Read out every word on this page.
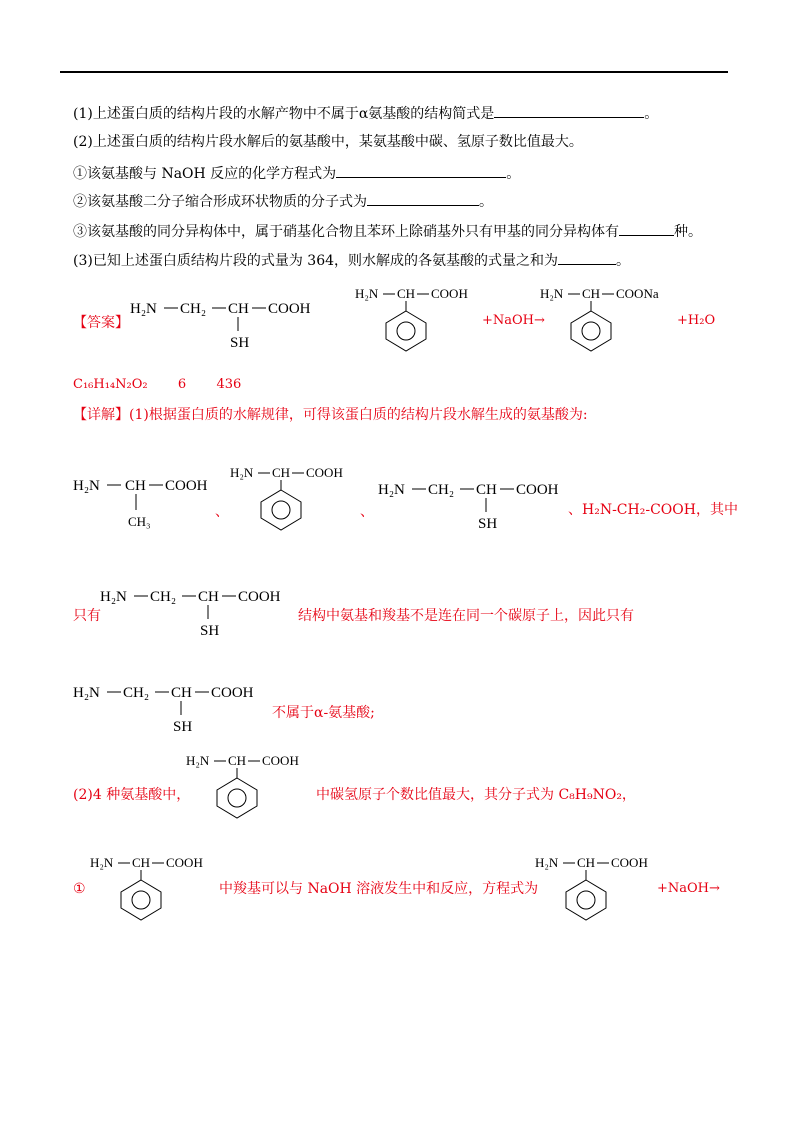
(1)上述蛋白质的结构片段的水解产物中不属于α氨基酸的结构简式是	。
(2)上述蛋白质的结构片段水解后的氨基酸中，某氨基酸中碳、氢原子数比值最大。
①该氨基酸与 NaOH 反应的化学方程式为	。
②该氨基酸二分子缩合形成环状物质的分子式为	。
③该氨基酸的同分异构体中，属于硝基化合物且苯环上除硝基外只有甲基的同分异构体有	种。
(3)已知上述蛋白质结构片段的式量为 364，则水解成的各氨基酸的式量之和为	。
【答案】
H₂N CH₂ CH COOH
SH
H₂N CH COOH
+NaOH→
H₂N CH COONa
+H₂O
C₁₆H₁₄N₂O₂ 6 436
【详解】(1)根据蛋白质的水解规律，可得该蛋白质的结构片段水解生成的氨基酸为:
H₂N CH COOH
CH₃
、
H₂N CH COOH
、
H₂N CH₂ CH COOH
SH
、H₂N-CH₂-COOH，其中
H₂N CH₂ CH COOH
SH
只有	结构中氨基和羧基不是连在同一个碳原子上，因此只有
H₂N CH₂ CH COOH
SH
不属于α-氨基酸;
(2)4 种氨基酸中，
H₂N CH COOH
中碳氢原子个数比值最大，其分子式为 C₈H₉NO₂，
①
H₂N CH COOH
中羧基可以与 NaOH 溶液发生中和反应，方程式为
H₂N CH COOH
+NaOH→
